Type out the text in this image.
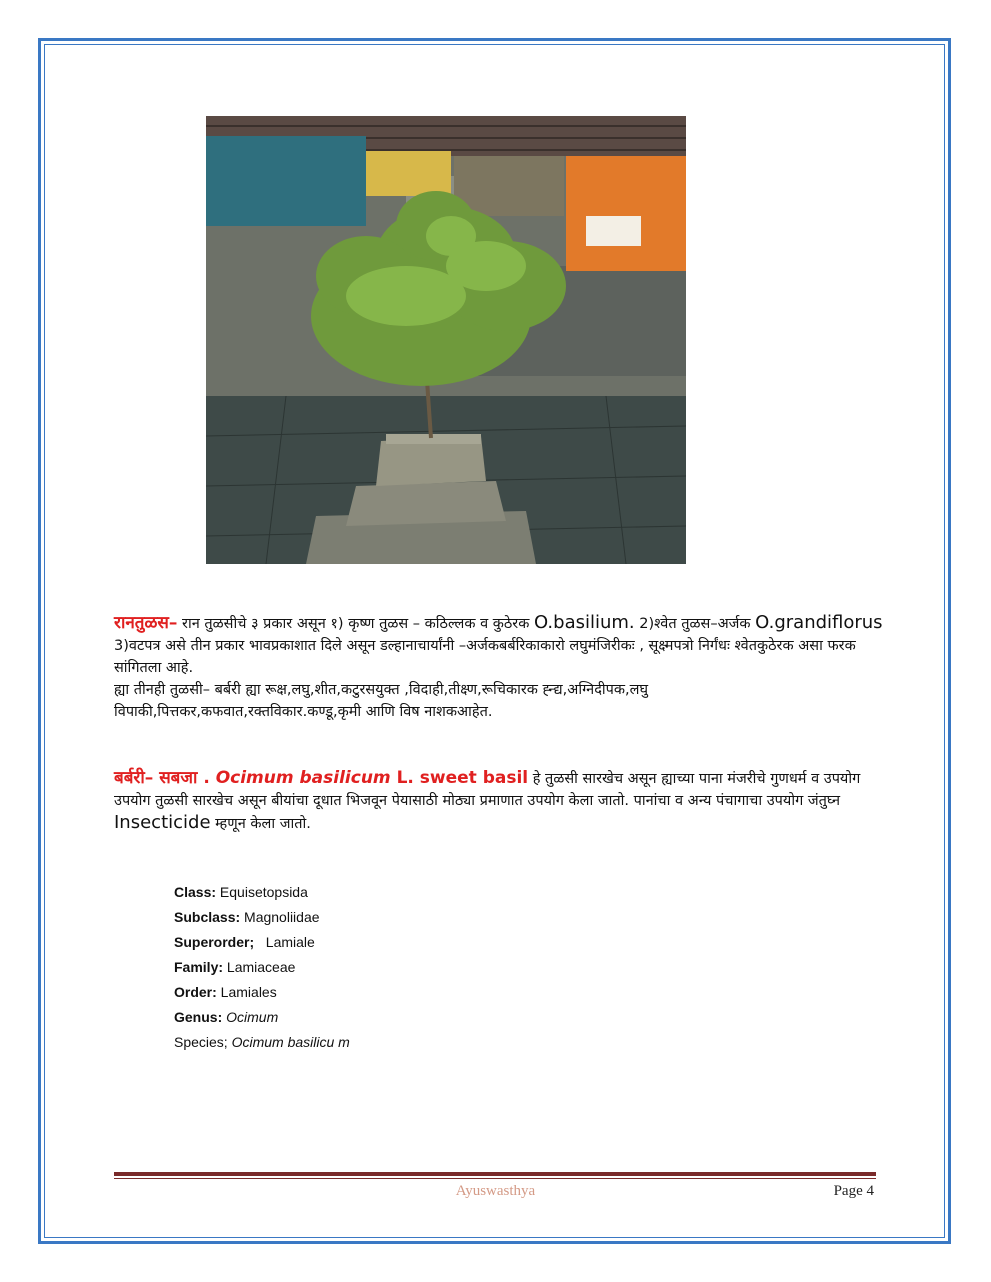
रानतुळस– रान तुळसीचे ३ प्रकार असून १) कृष्ण तुळस – कठिल्लक व कुठेरक O.basilium. 2)श्वेत तुळस–अर्जक O.grandiflorus 3)वटपत्र असे तीन प्रकार भावप्रकाशात दिले असून डल्हानाचार्यांनी –अर्जकबर्बरिकाकारो लघुमंजिरीकः , सूक्ष्मपत्रो निर्गंधः श्वेतकुठेरक असा फरक सांगितला आहे.
ह्या तीनही तुळसी– बर्बरी ह्या रूक्ष,लघु,शीत,कटुरसयुक्त ,विदाही,तीक्ष्ण,रूचिकारक ह्न्द्य,अग्निदीपक,लघु विपाकी,पित्तकर,कफवात,रक्तविकार.कण्डू,कृमी आणि विष नाशकआहेत.
बर्बरी– सबजा . Ocimum basilicum L. sweet basil हे तुळसी सारखेच असून ह्याच्या पाना मंजरीचे गुणधर्म व उपयोग उपयोग तुळसी सारखेच असून बीयांचा दूधात भिजवून पेयासाठी मोठ्या प्रमाणात उपयोग केला जातो. पानांचा व अन्य पंचागाचा उपयोग जंतुघ्न Insecticide म्हणून केला जातो.
Class: Equisetopsida
Subclass: Magnoliidae
Superorder;   Lamiale
Family: Lamiaceae
Order: Lamiales
Genus: Ocimum
Species; Ocimum basilicu m
Ayuswasthya	Page 4
